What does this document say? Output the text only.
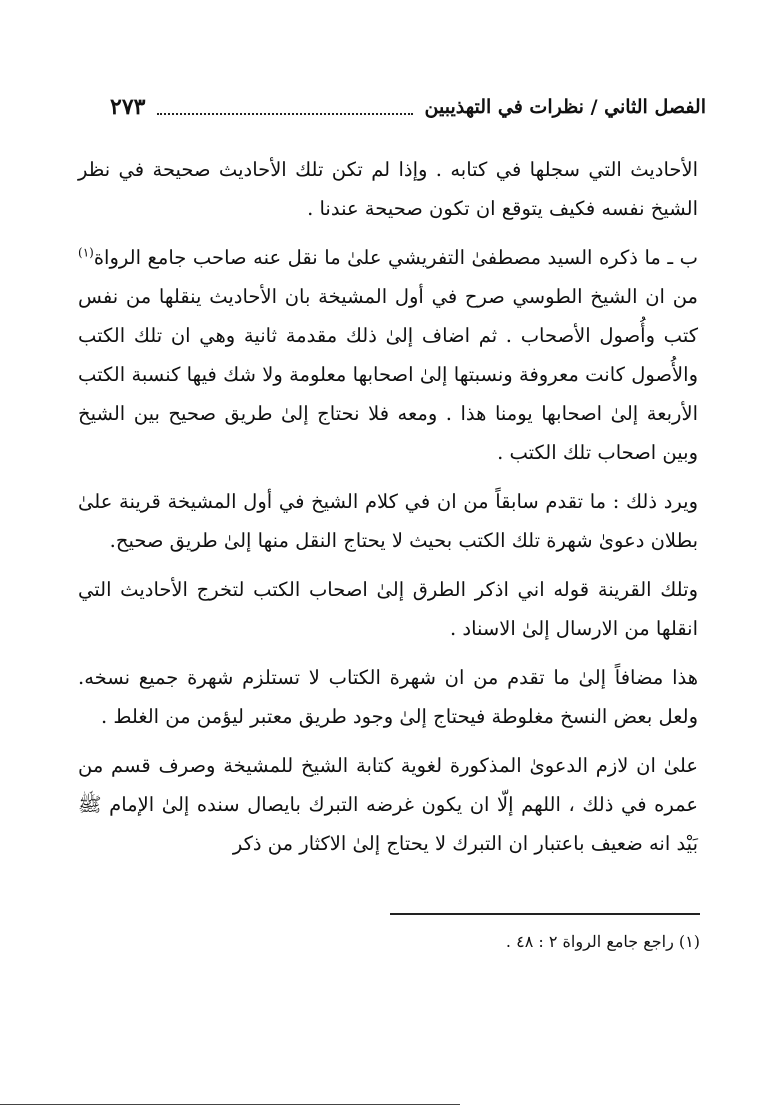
٢٧٣	الفصل الثاني / نظرات في التهذيبين

الأحاديث التي سجلها في كتابه . وإذا لم تكن تلك الأحاديث صحيحة في نظر الشيخ نفسه فكيف يتوقع ان تكون صحيحة عندنا .

ب ـ ما ذكره السيد مصطفىٰ التفريشي علىٰ ما نقل عنه صاحب جامع الرواة$^{(١)}$ من ان الشيخ الطوسي صرح في أول المشيخة بان الأحاديث ينقلها من نفس كتب وأُصول الأصحاب . ثم اضاف إلىٰ ذلك مقدمة ثانية وهي ان تلك الكتب والأُصول كانت معروفة ونسبتها إلىٰ اصحابها معلومة ولا شك فيها كنسبة الكتب الأربعة إلىٰ اصحابها يومنا هذا . ومعه فلا نحتاج إلىٰ طريق صحيح بين الشيخ وبين اصحاب تلك الكتب .

ويرد ذلك : ما تقدم سابقاً من ان في كلام الشيخ في أول المشيخة قرينة علىٰ بطلان دعوىٰ شهرة تلك الكتب بحيث لا يحتاج النقل منها إلىٰ طريق صحيح.

وتلك القرينة قوله اني اذكر الطرق إلىٰ اصحاب الكتب لتخرج الأحاديث التي انقلها من الارسال إلىٰ الاسناد .

هذا مضافاً إلىٰ ما تقدم من ان شهرة الكتاب لا تستلزم شهرة جميع نسخه. ولعل بعض النسخ مغلوطة فيحتاج إلىٰ وجود طريق معتبر ليؤمن من الغلط .

علىٰ ان لازم الدعوىٰ المذكورة لغوية كتابة الشيخ للمشيخة وصرف قسم من عمره في ذلك ، اللهم إلّا ان يكون غرضه التبرك بايصال سنده إلىٰ الإمام ﷺ بَيْد انه ضعيف باعتبار ان التبرك لا يحتاج إلىٰ الاكثار من ذكر

(١) راجع جامع الرواة ٢ : ٤٨ .
